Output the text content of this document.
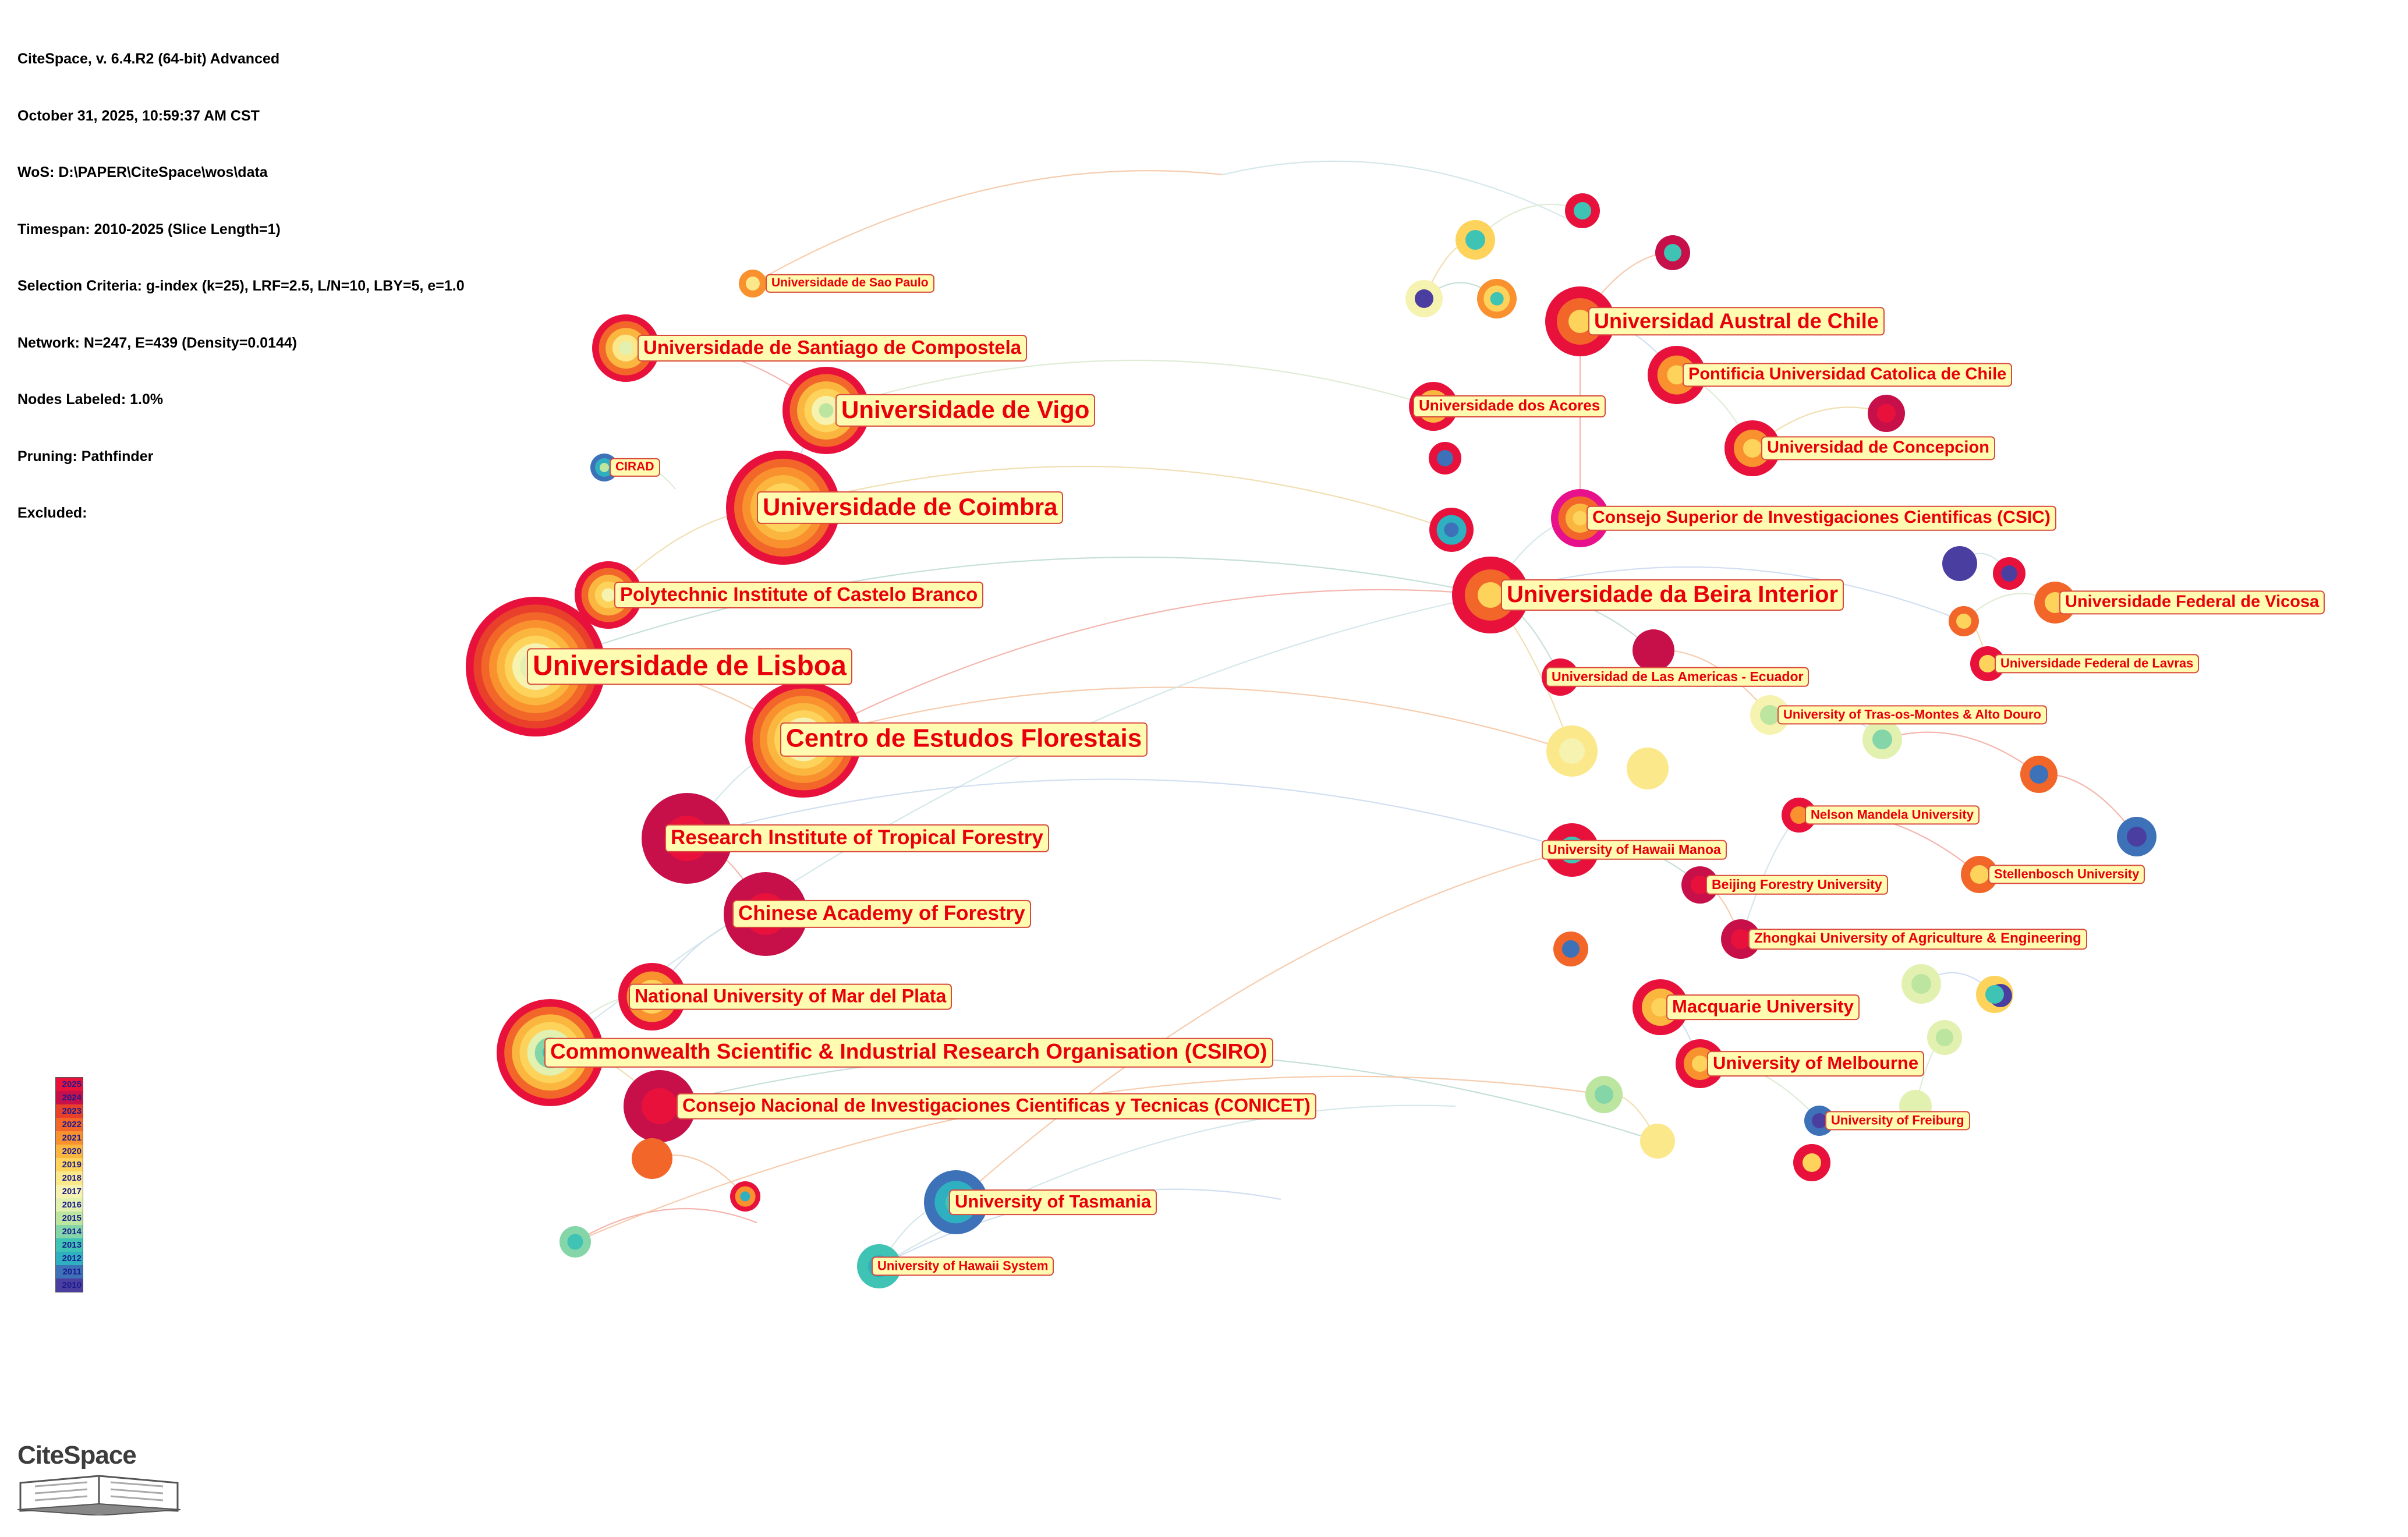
CiteSpace, v. 6.4.R2 (64-bit) Advanced

October 31, 2025, 10:59:37 AM CST

WoS: D:\PAPER\CiteSpace\wos\data

Timespan: 2010-2025 (Slice Length=1)

Selection Criteria: g-index (k=25), LRF=2.5, L/N=10, LBY=5, e=1.0

Network: N=247, E=439 (Density=0.0144)

Nodes Labeled: 1.0%

Pruning: Pathfinder

Excluded:

Universidade de Sao Paulo
Universidade de Santiago de Compostela
Universidade de Vigo
CIRAD
Universidade de Coimbra
Polytechnic Institute of Castelo Branco
Universidade de Lisboa
Centro de Estudos Florestais
Research Institute of Tropical Forestry
Chinese Academy of Forestry
National University of Mar del Plata
Commonwealth Scientific & Industrial Research Organisation (CSIRO)
Consejo Nacional de Investigaciones Cientificas y Tecnicas (CONICET)
University of Tasmania
University of Hawaii System
Universidad Austral de Chile
Pontificia Universidad Catolica de Chile
Universidade dos Acores
Universidad de Concepcion
Consejo Superior de Investigaciones Cientificas (CSIC)
Universidade da Beira Interior	Universidade Federal de Vicosa
Universidade Federal de Lavras
Universidad de Las Americas - Ecuador
University of Tras-os-Montes & Alto Douro
Nelson Mandela University
University of Hawaii Manoa
Beijing Forestry University
Stellenbosch University
Zhongkai University of Agriculture & Engineering
Macquarie University
University of Melbourne
University of Freiburg
2025
2024
2023
2022
2021
2020
2019
2018
2017
2016
2015
2014
2013
2012
2011
2010
CiteSpace
